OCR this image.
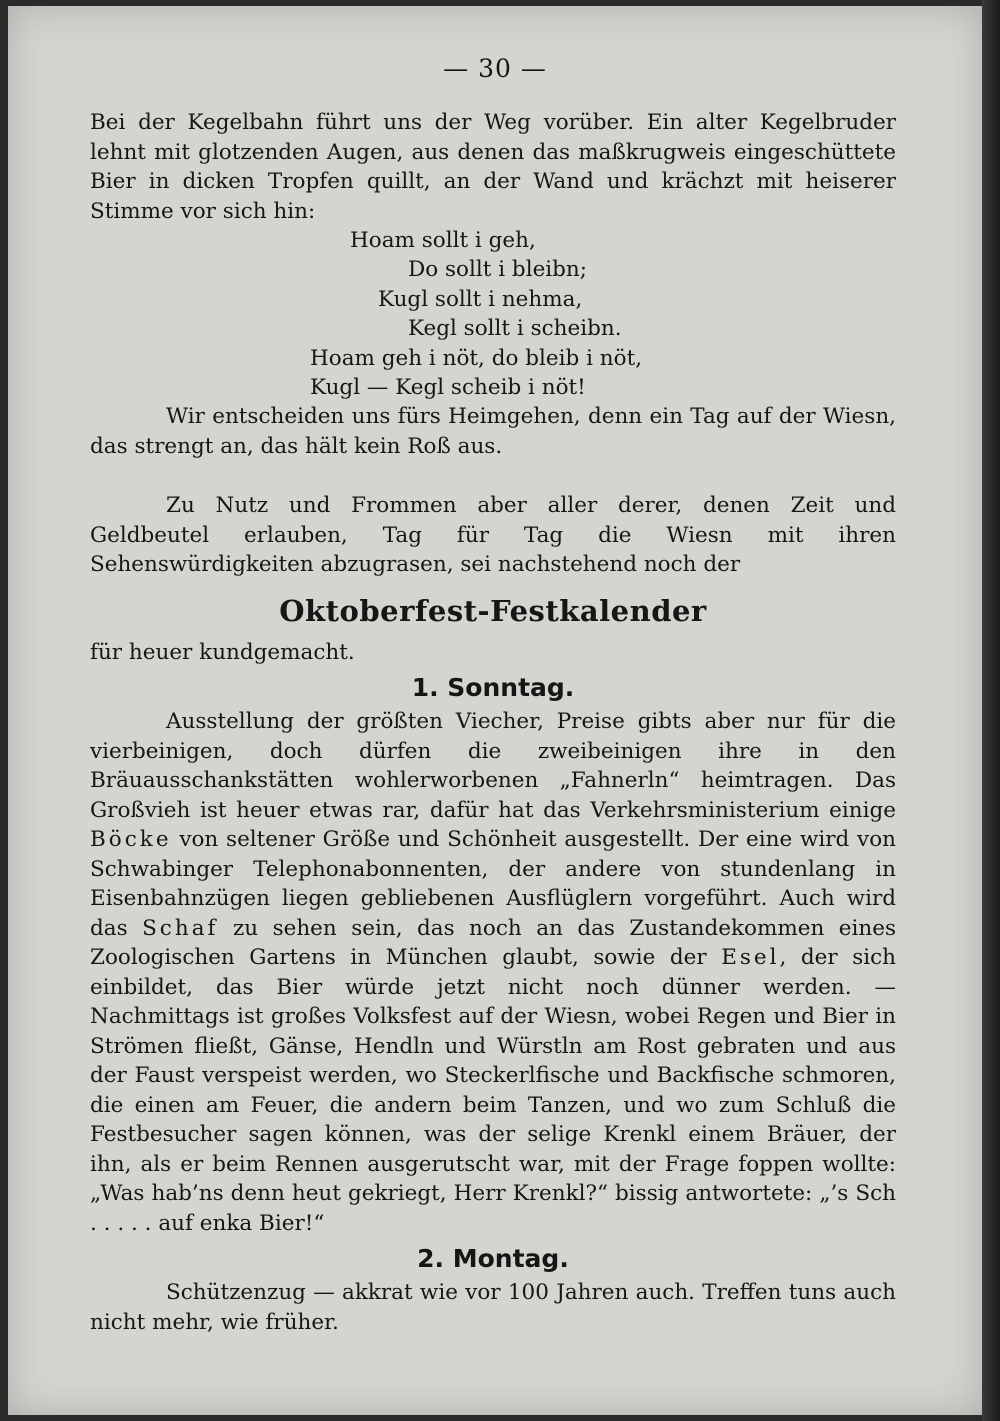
— 30 —

Bei der Kegelbahn führt uns der Weg vorüber. Ein alter Kegelbruder lehnt mit glotzenden Augen, aus denen das maßkrugweis eingeschüttete Bier in dicken Tropfen quillt, an der Wand und krächzt mit heiserer Stimme vor sich hin:

Hoam sollt i geh,
Do sollt i bleibn;
Kugl sollt i nehma,
Kegl sollt i scheibn.
Hoam geh i nöt, do bleib i nöt,
Kugl — Kegl scheib i nöt!

Wir entscheiden uns fürs Heimgehen, denn ein Tag auf der Wiesn, das strengt an, das hält kein Roß aus.

Zu Nutz und Frommen aber aller derer, denen Zeit und Geldbeutel erlauben, Tag für Tag die Wiesn mit ihren Sehenswürdigkeiten abzugrasen, sei nachstehend noch der

Oktoberfest-Festkalender

für heuer kundgemacht.

1. Sonntag.

Ausstellung der größten Viecher, Preise gibts aber nur für die vierbeinigen, doch dürfen die zweibeinigen ihre in den Bräuausschankstätten wohlerworbenen „Fahnerln“ heimtragen. Das Großvieh ist heuer etwas rar, dafür hat das Verkehrsministerium einige Böcke von seltener Größe und Schönheit ausgestellt. Der eine wird von Schwabinger Telephonabonnenten, der andere von stundenlang in Eisenbahnzügen liegen gebliebenen Ausflüglern vorgeführt. Auch wird das Schaf zu sehen sein, das noch an das Zustandekommen eines Zoologischen Gartens in München glaubt, sowie der Esel, der sich einbildet, das Bier würde jetzt nicht noch dünner werden. — Nachmittags ist großes Volksfest auf der Wiesn, wobei Regen und Bier in Strömen fließt, Gänse, Hendln und Würstln am Rost gebraten und aus der Faust verspeist werden, wo Steckerlfische und Backfische schmoren, die einen am Feuer, die andern beim Tanzen, und wo zum Schluß die Festbesucher sagen können, was der selige Krenkl einem Bräuer, der ihn, als er beim Rennen ausgerutscht war, mit der Frage foppen wollte: „Was hab’ns denn heut gekriegt, Herr Krenkl?“ bissig antwortete: „’s Sch . . . . . auf enka Bier!“

2. Montag.

Schützenzug — akkrat wie vor 100 Jahren auch. Treffen tuns auch nicht mehr, wie früher.
